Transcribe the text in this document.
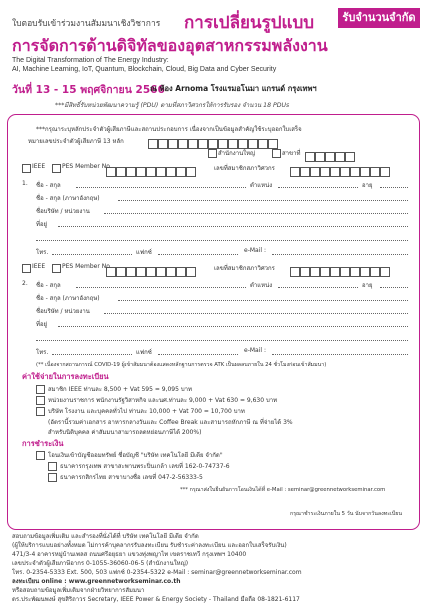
รับจำนวนจำกัด
ใบตอบรับเข้าร่วมงานสัมมนาเชิงวิชาการ การเปลี่ยนรูปแบบ
การจัดการด้านดิจิทัลของอุตสาหกรรมพลังงาน
The Digital Transformation of The Energy Industry:
AI, Machine Learning, IoT, Quantum, Blockchain, Cloud, Big Data and Cyber Security
วันที่ 13 - 15 พฤศจิกายน 2566
ณ ห้อง Arnoma โรงแรมอโนมา แกรนด์ กรุงเทพฯ
***มีสิทธิ์รับหน่วยพัฒนาความรู้ (PDU) ตามที่สภาวิศวกรให้การรับรอง จำนวน 18 PDUs
***กรุณาระบุหลักประจำตัวผู้เสียภาษีและสถานประกอบการ เนื่องจากเป็นข้อมูลสำคัญใช้ระบุออกใบเสร็จ
หมายเลขประจำตัวผู้เสียภาษี 13 หลัก
สำนักงานใหญ่	สาขาที่
IEEE	PES Member No.	เลขที่สมาชิกสภาวิศวกร
1. ชื่อ - สกุล	ตำแหน่ง	อายุ
ชื่อ - สกุล (ภาษาอังกฤษ)
ชื่อบริษัท / หน่วยงาน
ที่อยู่
โทร.	แฟกซ์	e-Mail :
IEEE	PES Member No.	เลขที่สมาชิกสภาวิศวกร
2. ชื่อ - สกุล	ตำแหน่ง	อายุ
ชื่อ - สกุล (ภาษาอังกฤษ)
ชื่อบริษัท / หน่วยงาน
ที่อยู่
โทร.	แฟกซ์	e-Mail :
(** เนื่องจากสถานการณ์ COVID-19 ผู้เข้าสัมมนาต้องแสดงหลักฐานการตรวจ ATK เป็นผลลบภายใน 24 ชั่วโมงก่อนเข้าสัมมนา)
ค่าใช้จ่ายในการลงทะเบียน
สมาชิก IEEE ท่านละ 8,500 + Vat 595 = 9,095 บาท
หน่วยงานราชการ พนักงานรัฐวิสาหกิจ และนศ.ท่านละ 9,000 + Vat 630 = 9,630 บาท
บริษัท โรงงาน และบุคคลทั่วไป ท่านละ 10,000 + Vat 700 = 10,700 บาท
(อัตรานี้รวมค่าเอกสาร อาหารกลางวันและ Coffee Break และสามารถหักภาษี ณ ที่จ่ายได้ 3%
สำหรับนิติบุคคล ค่าสัมมนาสามารถลดหย่อนภาษีได้ 200%)
การชำระเงิน
โอนเงินเข้าบัญชีออมทรัพย์ ชื่อบัญชี "บริษัท เทคโนโลยี มีเดีย จำกัด"
ธนาคารกรุงเทพ สาขาสะพานพระปิ่นเกล้า เลขที่ 162-0-74737-6
ธนาคารกสิกรไทย สาขาบางซื่อ เลขที่ 047-2-56333-5
*** กรุณาส่งใบยืนยันการโอนเงินได้ที่ e-Mail : seminar@greennetworkseminar.com
กรุณาชำระเงินภายใน 5 วัน นับจากวันลงทะเบียน
สอบถามข้อมูลเพิ่มเติม และสำรองที่นั่งได้ที่ บริษัท เทคโนโลยี มีเดีย จำกัด
(ผู้ให้บริการแบบอย่างทั้งหมด ไม่การค้าบุคลากรรับลงทะเบียน รับชำระค่าลงทะเบียน และออกใบเสร็จรับเงิน)
471/3-4 อาคารหมู่บ้านเพลส ถนนศรีอยุธยา แขวงทุ่งพญาไท เขตราชเทวี กรุงเทพฯ 10400
เลขประจำตัวผู้เสียภาษีอากร 0-1055-36060-06-5 (สำนักงานใหญ่)
โทร. 0-2354-5333 Ext. 500, 503 แฟกซ์ 0-2354-5322 e-Mail : seminar@greennetworkseminar.com
ลงทะเบียน online : www.greennetworkseminar.co.th
หรือสอบถามข้อมูลเพิ่มเติมจากฝ่ายวิทยาการสัมมนา
ดร.ประพัฒนพงษ์ สุขสิริถาวร Secretary, IEEE Power & Energy Society - Thailand มือถือ 08-1821-6117
